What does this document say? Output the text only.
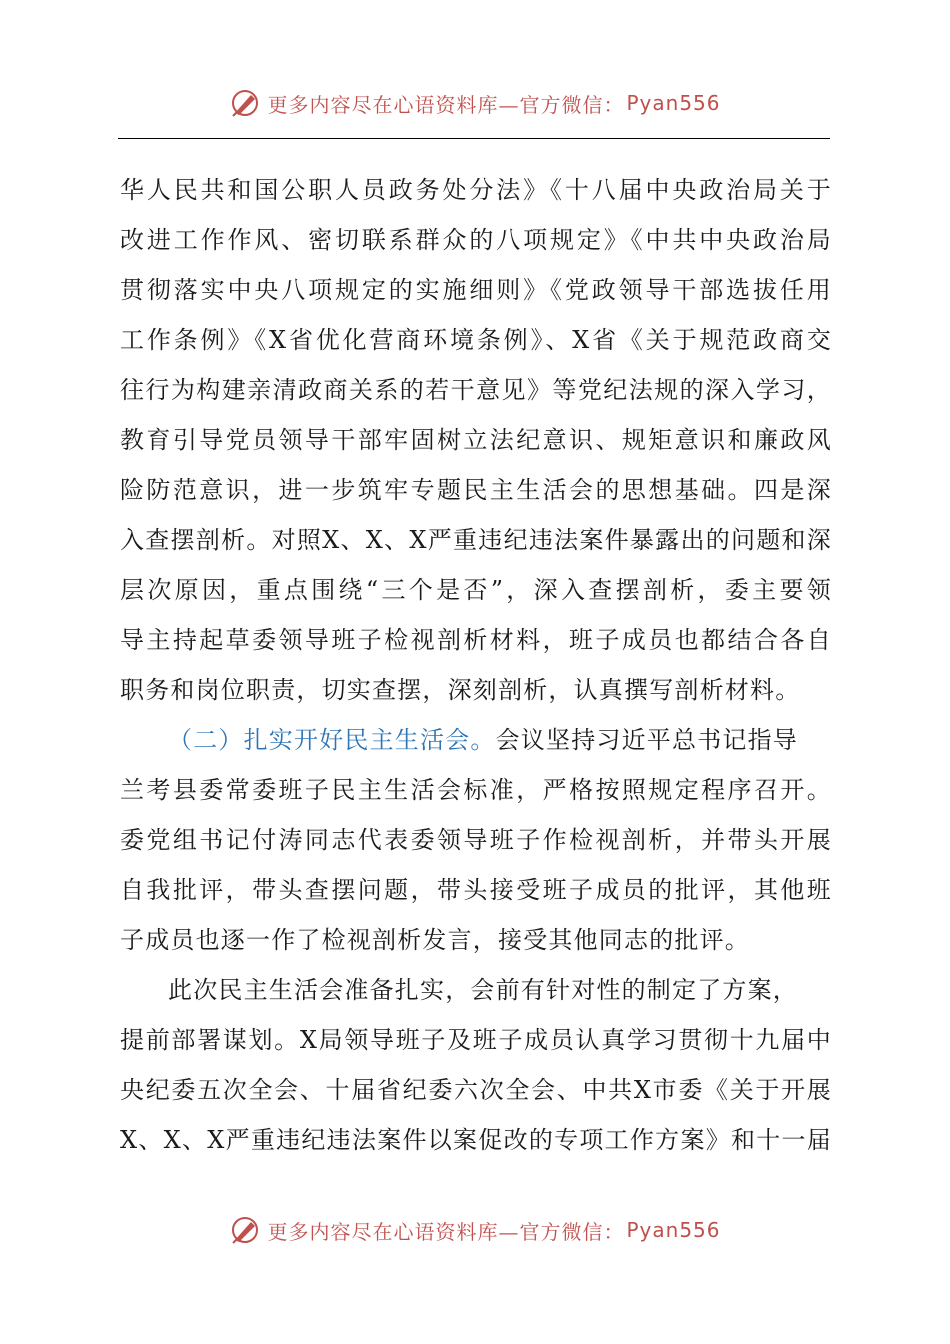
更多内容尽在心语资料库—官方微信： Pyan556
华人民共和国公职人员政务处分法》《十八届中央政治局关于
改进工作作风、密切联系群众的八项规定》《中共中央政治局
贯彻落实中央八项规定的实施细则》《党政领导干部选拔任用
工作条例》《X省优化营商环境条例》、X省《关于规范政商交
往行为构建亲清政商关系的若干意见》等党纪法规的深入学习，
教育引导党员领导干部牢固树立法纪意识、规矩意识和廉政风
险防范意识，进一步筑牢专题民主生活会的思想基础。四是深
入查摆剖析。对照X、X、X严重违纪违法案件暴露出的问题和深
层次原因，重点围绕“三个是否”，深入查摆剖析，委主要领
导主持起草委领导班子检视剖析材料，班子成员也都结合各自
职务和岗位职责，切实查摆，深刻剖析，认真撰写剖析材料。
（二）扎实开好民主生活会。会议坚持习近平总书记指导
兰考县委常委班子民主生活会标准，严格按照规定程序召开。
委党组书记付涛同志代表委领导班子作检视剖析，并带头开展
自我批评，带头查摆问题，带头接受班子成员的批评，其他班
子成员也逐一作了检视剖析发言，接受其他同志的批评。
此次民主生活会准备扎实，会前有针对性的制定了方案，
提前部署谋划。X局领导班子及班子成员认真学习贯彻十九届中
央纪委五次全会、十届省纪委六次全会、中共X市委《关于开展
X、X、X严重违纪违法案件以案促改的专项工作方案》和十一届
更多内容尽在心语资料库—官方微信： Pyan556
